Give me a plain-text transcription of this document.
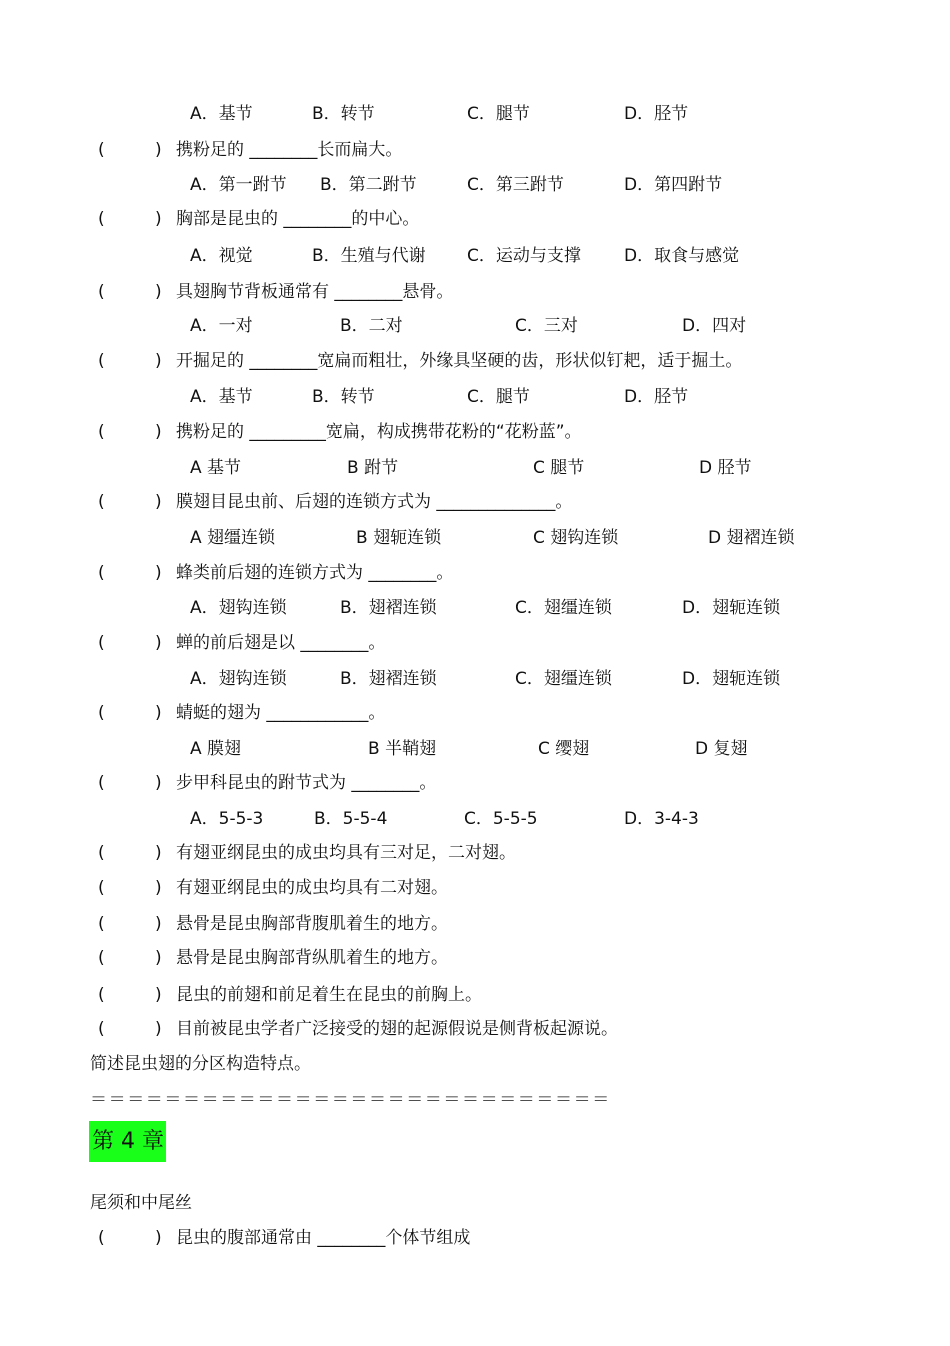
A．基节	B．转节	C．腿节	D．胫节
(	) 携粉足的 ________长而扁大。
A．第一跗节 B．第二跗节	C．第三跗节	D．第四跗节
(	) 胸部是昆虫的 ________的中心。
A．视觉	B．生殖与代谢 C．运动与支撑	D．取食与感觉
(	) 具翅胸节背板通常有 ________悬骨。
A．一对	B．二对	C．三对	D．四对
(	) 开掘足的 ________宽扁而粗壮，外缘具坚硬的齿，形状似钉耙，适于掘土。
A．基节	B．转节	C．腿节	D．胫节
(	) 携粉足的 _________宽扁，构成携带花粉的“花粉蓝”。
A 基节	B 跗节	C 腿节	D 胫节
(	) 膜翅目昆虫前、后翅的连锁方式为 ______________。
A 翅缰连锁	B 翅轭连锁	C 翅钩连锁	D 翅褶连锁
(	) 蜂类前后翅的连锁方式为 ________。
A．翅钩连锁	B．翅褶连锁	C．翅缰连锁	D．翅轭连锁
(	) 蝉的前后翅是以 ________。
A．翅钩连锁	B．翅褶连锁	C．翅缰连锁	D．翅轭连锁
(	) 蜻蜓的翅为 ____________。
A 膜翅	B 半鞘翅	C 缨翅	D 复翅
(	) 步甲科昆虫的跗节式为 ________。
A．5-5-3	B．5-5-4	C．5-5-5	D．3-4-3
(	) 有翅亚纲昆虫的成虫均具有三对足，二对翅。
(	) 有翅亚纲昆虫的成虫均具有二对翅。
(	) 悬骨是昆虫胸部背腹肌着生的地方。
(	) 悬骨是昆虫胸部背纵肌着生的地方。
(	) 昆虫的前翅和前足着生在昆虫的前胸上。
(	) 目前被昆虫学者广泛接受的翅的起源假说是侧背板起源说。
简述昆虫翅的分区构造特点。
＝＝＝＝＝＝＝＝＝＝＝＝＝＝＝＝＝＝＝＝＝＝＝＝＝＝＝＝
第 4 章
尾须和中尾丝
(	) 昆虫的腹部通常由 ________个体节组成
